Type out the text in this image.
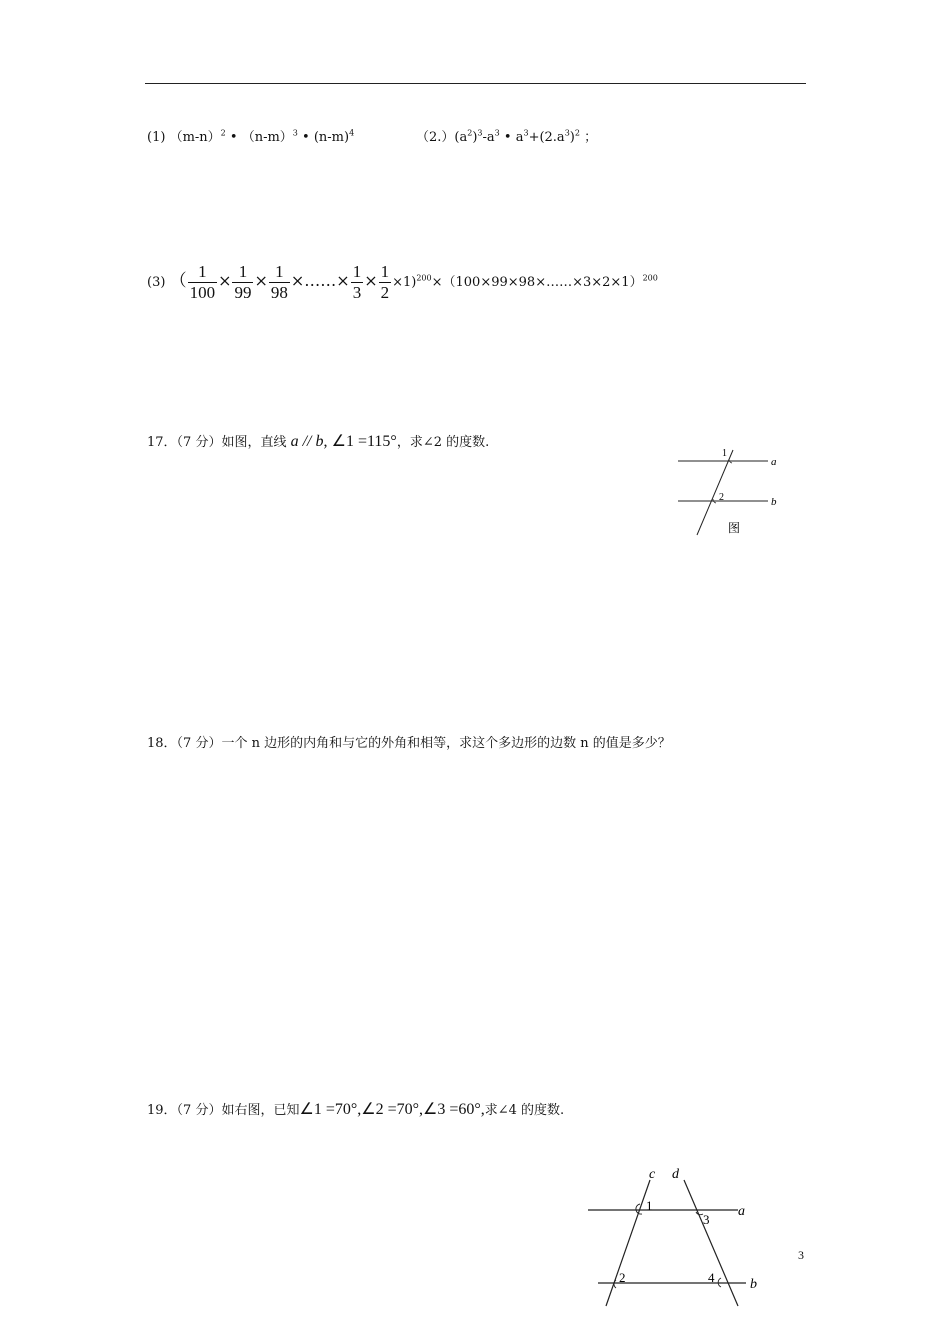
(1) $(m-n)^2$ • $(n-m)^3$ • $(n-m)^4$	$(2.)(a^2)^3-a^3$ • $a^3+(2.a^3)^2$ ；
(3) （ $\frac{1}{100} \times \frac{1}{99} \times \frac{1}{98}$ ×……× $\frac{1}{3} \times \frac{1}{2}$ ×1)$^{200}$×（100×99×98×……×3×2×1）$^{200}$
17．（7 分）如图，直线 a // b, ∠1 =115°，求∠2 的度数.
1
2
a
b
图
18．（7 分）一个 n 边形的内角和与它的外角和相等，求这个多边形的边数 n 的值是多少？
19．（7 分）如右图，已知∠1 =70°,∠2 =70°,∠3 =60°,求∠4 的度数.
c d
a
b
1
3
2	4
3
